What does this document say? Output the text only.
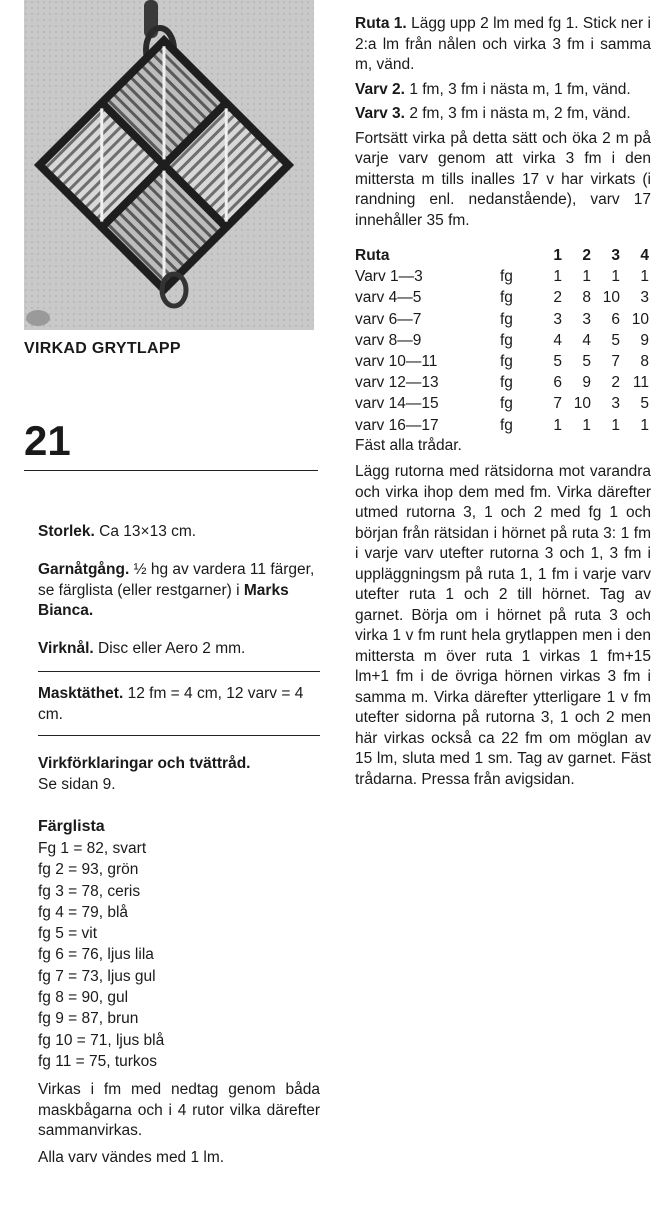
VIRKAD GRYTLAPP
21

Storlek. Ca 13×13 cm.

Garnåtgång. ½ hg av vardera 11 färger, se färglista (eller restgarner) i Marks Bianca.

Virknål. Disc eller Aero 2 mm.

Masktäthet. 12 fm = 4 cm, 12 varv = 4 cm.

Virkförklaringar och tvättråd.
Se sidan 9.

Färglista
Fg 1 = 82, svart
fg 2 = 93, grön
fg 3 = 78, ceris
fg 4 = 79, blå
fg 5 = vit
fg 6 = 76, ljus lila
fg 7 = 73, ljus gul
fg 8 = 90, gul
fg 9 = 87, brun
fg 10 = 71, ljus blå
fg 11 = 75, turkos

Virkas i fm med nedtag genom båda maskbågarna och i 4 rutor vilka därefter sammanvirkas.

Alla varv vändes med 1 lm.

Ruta 1. Lägg upp 2 lm med fg 1. Stick ner i 2:a lm från nålen och virka 3 fm i samma m, vänd.

Varv 2. 1 fm, 3 fm i nästa m, 1 fm, vänd.

Varv 3. 2 fm, 3 fm i nästa m, 2 fm, vänd.

Fortsätt virka på detta sätt och öka 2 m på varje varv genom att virka 3 fm i den mittersta m tills inalles 17 v har virkats (i randning enl. nedanstående), varv 17 innehåller 35 fm.

Ruta		1	2	3	4
Varv 1—3	fg	1	1	1	1
varv 4—5	fg	2	8	10	3
varv 6—7	fg	3	3	6	10
varv 8—9	fg	4	4	5	9
varv 10—11	fg	5	5	7	8
varv 12—13	fg	6	9	2	11
varv 14—15	fg	7	10	3	5
varv 16—17	fg	1	1	1	1

Fäst alla trådar.

Lägg rutorna med rätsidorna mot varandra och virka ihop dem med fm. Virka därefter utmed rutorna 3, 1 och 2 med fg 1 och början från rätsidan i hörnet på ruta 3: 1 fm i varje varv utefter rutorna 3 och 1, 3 fm i uppläggningsm på ruta 1, 1 fm i varje varv utefter ruta 1 och 2 till hörnet. Tag av garnet. Börja om i hörnet på ruta 3 och virka 1 v fm runt hela grytlappen men i den mittersta m över ruta 1 virkas 1 fm+15 lm+1 fm i de övriga hörnen virkas 3 fm i samma m. Virka därefter ytterligare 1 v fm utefter sidorna på rutorna 3, 1 och 2 men här virkas också ca 22 fm om möglan av 15 lm, sluta med 1 sm. Tag av garnet. Fäst trådarna. Pressa från avigsidan.
